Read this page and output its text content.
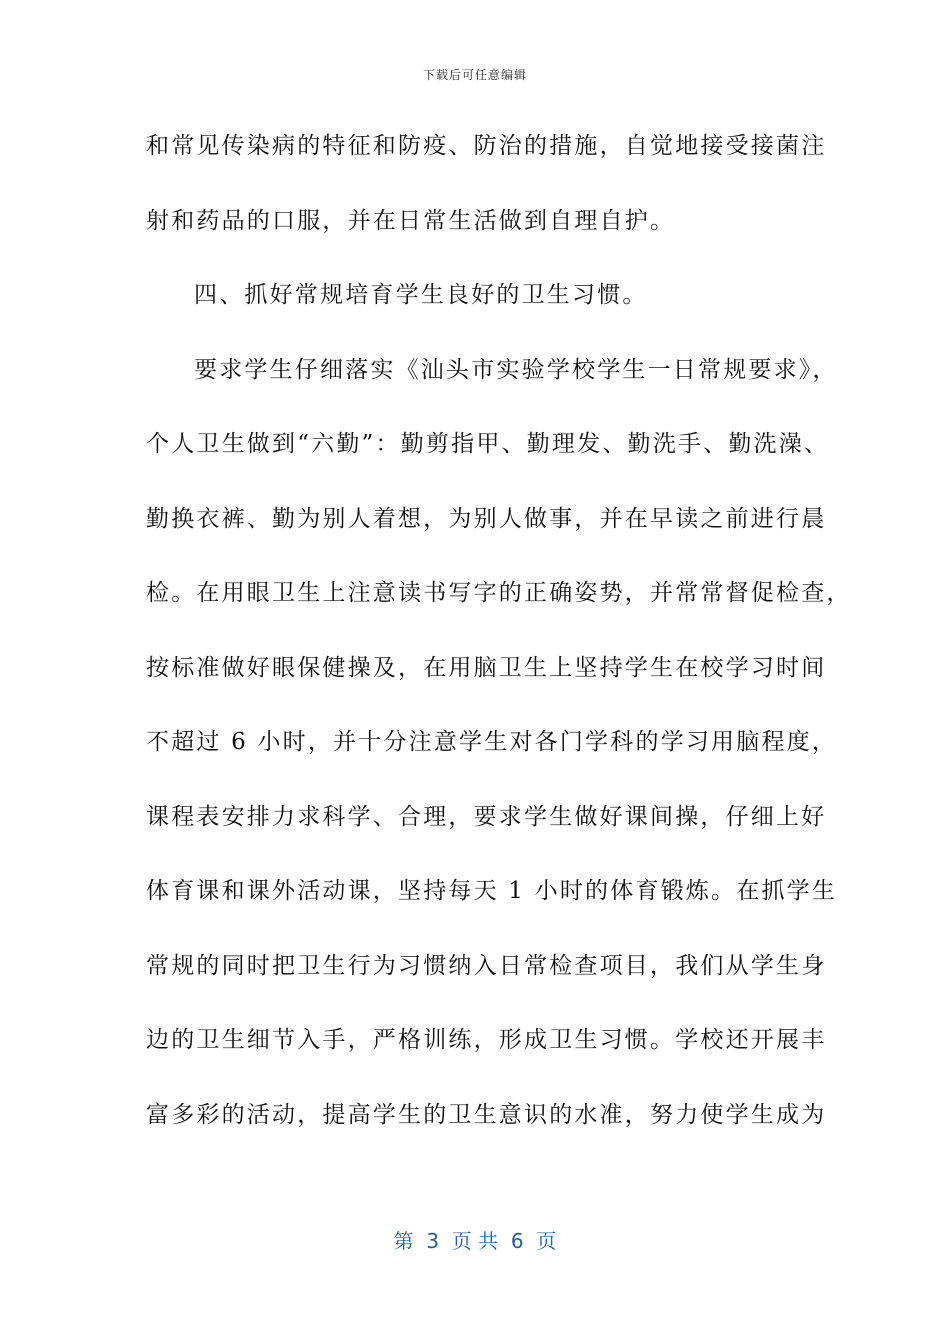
下载后可任意编辑
和常见传染病的特征和防疫、防治的措施，自觉地接受接菌注
射和药品的口服，并在日常生活做到自理自护。
四、抓好常规培育学生良好的卫生习惯。
要求学生仔细落实《汕头市实验学校学生一日常规要求》，
个人卫生做到“六勤”：勤剪指甲、勤理发、勤洗手、勤洗澡、
勤换衣裤、勤为别人着想，为别人做事，并在早读之前进行晨
检。在用眼卫生上注意读书写字的正确姿势，并常常督促检查，
按标准做好眼保健操及，在用脑卫生上坚持学生在校学习时间
不超过 6 小时，并十分注意学生对各门学科的学习用脑程度，
课程表安排力求科学、合理，要求学生做好课间操，仔细上好
体育课和课外活动课，坚持每天 1 小时的体育锻炼。在抓学生
常规的同时把卫生行为习惯纳入日常检查项目，我们从学生身
边的卫生细节入手，严格训练，形成卫生习惯。学校还开展丰
富多彩的活动，提高学生的卫生意识的水准，努力使学生成为
第  3  页 共  6  页
